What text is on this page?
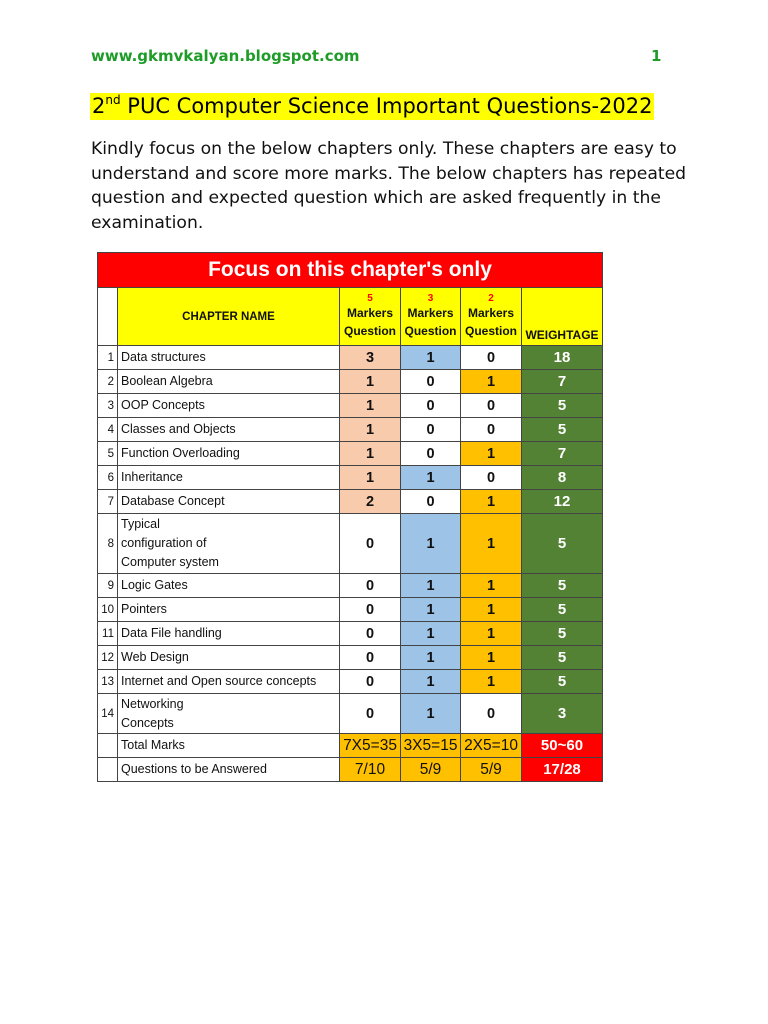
www.gkmvkalyan.blogspot.com	1
2nd PUC Computer Science Important Questions-2022
Kindly focus on the below chapters only. These chapters are easy to understand and score more marks. The below chapters has repeated question and expected question which are asked frequently in the examination.
Focus on this chapter's only					
	CHAPTER NAME	5
Markers
Question	3
Markers
Question	2
Markers
Question	WEIGHTAGE
1	Data structures	3	1	0	18
2	Boolean Algebra	1	0	1	7
3	OOP Concepts	1	0	0	5
4	Classes and Objects	1	0	0	5
5	Function Overloading	1	0	1	7
6	Inheritance	1	1	0	8
7	Database Concept	2	0	1	12
8	Typical
configuration of
Computer system	0	1	1	5
9	Logic Gates	0	1	1	5
10	Pointers	0	1	1	5
11	Data File handling	0	1	1	5
12	Web Design	0	1	1	5
13	Internet and Open source concepts	0	1	1	5
14	Networking
Concepts	0	1	0	3
	Total Marks	7X5=35	3X5=15	2X5=10	50~60
	Questions to be Answered	7/10	5/9	5/9	17/28
